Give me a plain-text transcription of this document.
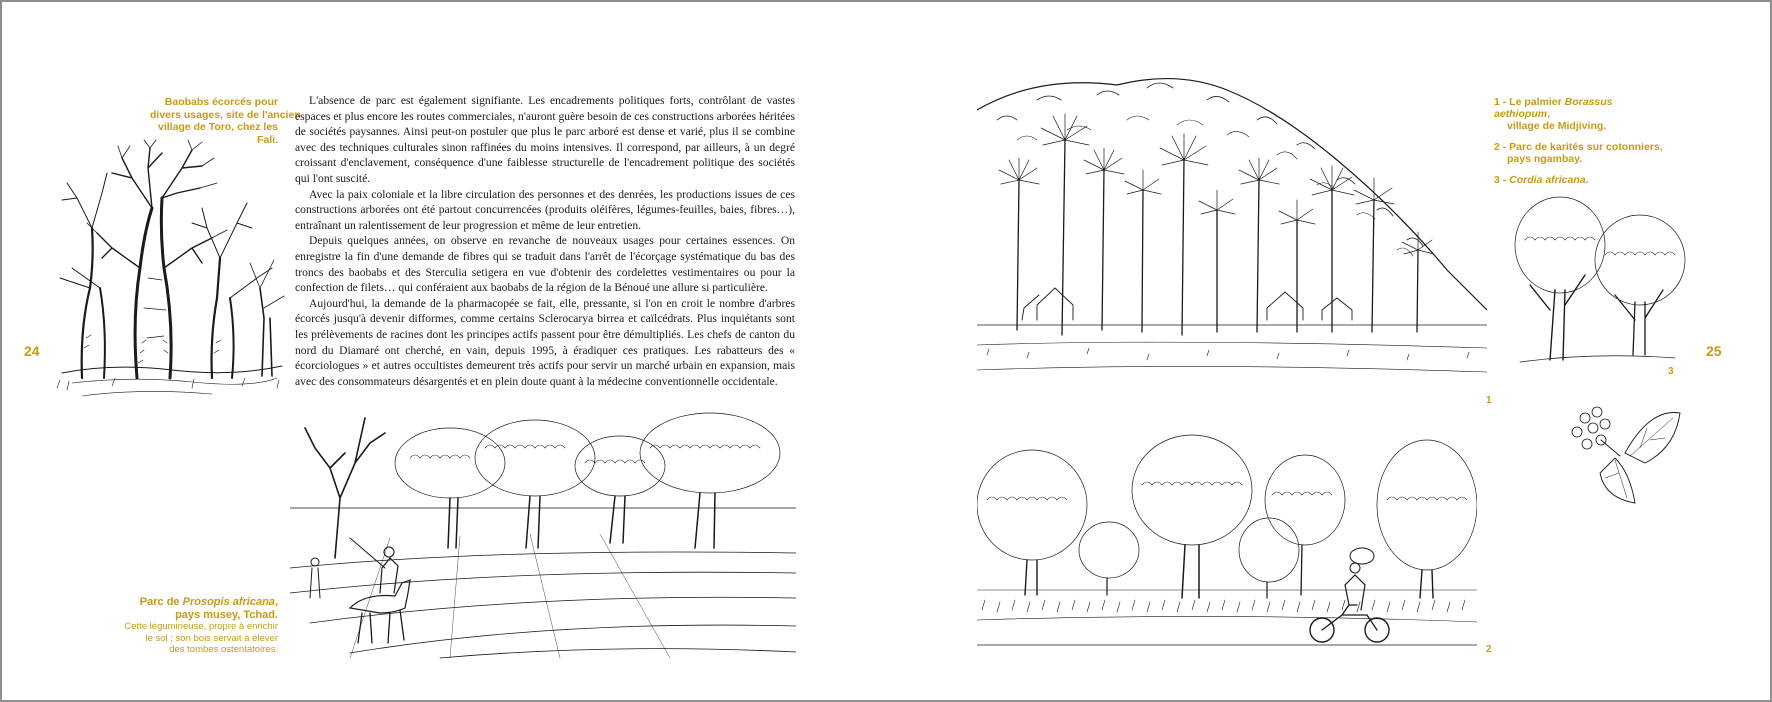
24
Baobabs écorcés pour
divers usages, site de l'ancien
village de Toro, chez les Fali.

L'absence de parc est également signifiante. Les encadrements politiques forts, contrôlant de vastes espaces et plus encore les routes commerciales, n'auront guère besoin de ces constructions arborées héritées de sociétés paysannes. Ainsi peut-on postuler que plus le parc arboré est dense et varié, plus il se combine avec des techniques culturales sinon raffinées du moins intensives. Il correspond, par ailleurs, à un degré croissant d'enclavement, conséquence d'une faiblesse structurelle de l'encadrement politique des sociétés qui l'ont suscité.

Avec la paix coloniale et la libre circulation des personnes et des denrées, les productions issues de ces constructions arborées ont été partout concurrencées (produits oléifères, légumes-feuilles, baies, fibres…), entraînant un ralentissement de leur progression et même de leur entretien.

Depuis quelques années, on observe en revanche de nouveaux usages pour certaines essences. On enregistre la fin d'une demande de fibres qui se traduit dans l'arrêt de l'écorçage systématique du bas des troncs des baobabs et des Sterculia setigera en vue d'obtenir des cordelettes vestimentaires ou pour la confection de filets… qui conféraient aux baobabs de la région de la Bénoué une allure si particulière.

Aujourd'hui, la demande de la pharmacopée se fait, elle, pressante, si l'on en croit le nombre d'arbres écorcés jusqu'à devenir difformes, comme certains Sclerocarya birrea et caïlcédrats. Plus inquiétants sont les prélèvements de racines dont les principes actifs passent pour être démultipliés. Les chefs de canton du nord du Diamaré ont cherché, en vain, depuis 1995, à éradiquer ces pratiques. Les rabatteurs des « écorciologues » et autres occultistes demeurent très actifs pour servir un marché urbain en expansion, mais avec des consommateurs désargentés et en plein doute quant à la médecine conventionnelle occidentale.

Parc de Prosopis africana,
pays musey, Tchad.
Cette légumineuse, propre à enrichir
le sol ; son bois servait à élever
des tombes ostentatoires.
1
2
1 - Le palmier Borassus aethiopum,
village de Midjiving.
2 - Parc de karités sur cotonniers,
pays ngambay.
3 - Cordia africana.
3
25
